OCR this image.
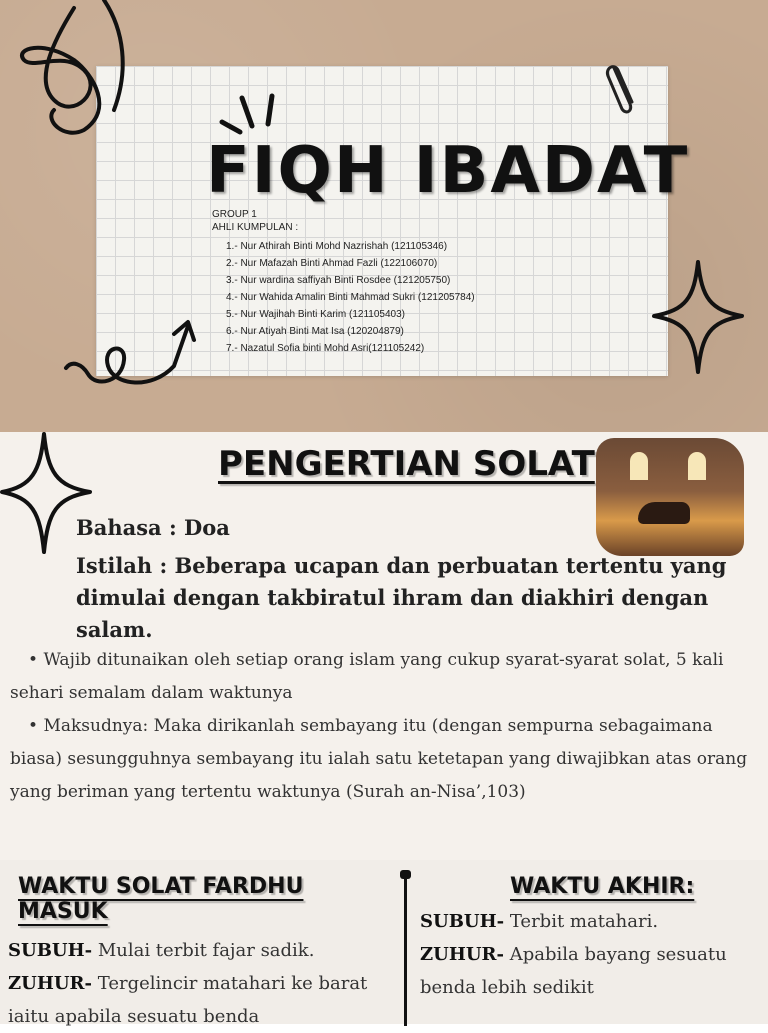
FIQH IBADAT
GROUP 1
AHLI KUMPULAN :
1.- Nur Athirah Binti Mohd Nazrishah (121105346)
2.- Nur Mafazah Binti Ahmad Fazli (122106070)
3.- Nur wardina saffiyah Binti Rosdee (121205750)
4.- Nur Wahida Amalin Binti Mahmad Sukri (121205784)
5.- Nur Wajihah Binti Karim (121105403)
6.- Nur Atiyah Binti Mat Isa (120204879)
7.- Nazatul Sofia binti Mohd Asri(121105242)
PENGERTIAN SOLAT

Bahasa : Doa

Istilah : Beberapa ucapan dan perbuatan tertentu yang dimulai dengan takbiratul ihram dan diakhiri dengan salam.

• Wajib ditunaikan oleh setiap orang islam yang cukup syarat-syarat solat, 5 kali sehari semalam dalam waktunya
• Maksudnya: Maka dirikanlah sembayang itu (dengan sempurna sebagaimana biasa) sesungguhnya sembayang itu ialah satu ketetapan yang diwajibkan atas orang yang beriman yang tertentu waktunya (Surah an-Nisa’,103)
WAKTU SOLAT FARDHU MASUK
SUBUH- Mulai terbit fajar sadik.
ZUHUR- Tergelincir matahari ke barat iaitu apabila sesuatu benda
WAKTU AKHIR:
SUBUH- Terbit matahari.
ZUHUR- Apabila bayang sesuatu benda lebih sedikit
